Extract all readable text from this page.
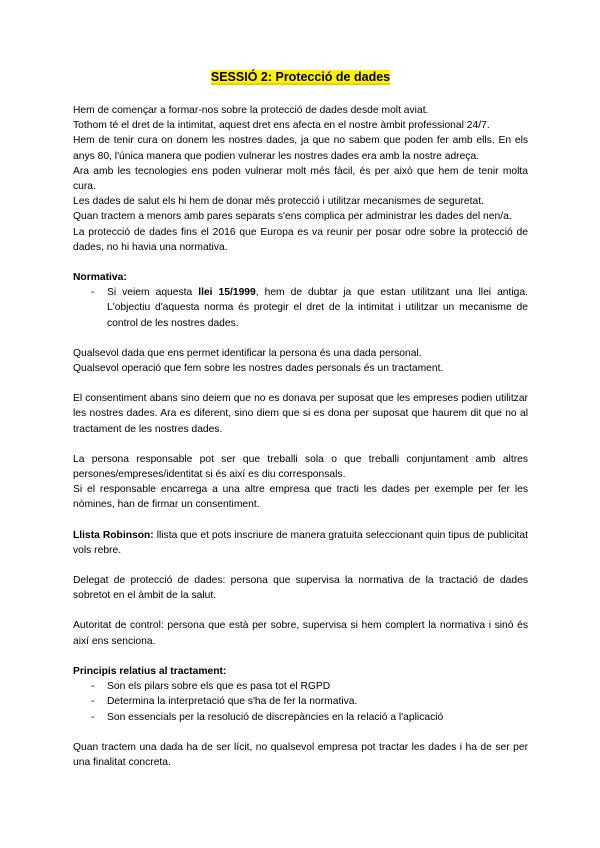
SESSIÓ 2: Protecció de dades

Hem de començar a formar-nos sobre la protecció de dades desde molt aviat.

Tothom té el dret de la intimitat, aquest dret ens afecta en el nostre àmbit professional 24/7.

Hem de tenir cura on donem les nostres dades, ja que no sabem que poden fer amb ells. En els anys 80, l'única manera que podien vulnerar les nostres dades era amb la nostre adreça.

Ara amb les tecnologies ens poden vulnerar molt més fàcil, és per això que hem de tenir molta cura.

Les dades de salut els hi hem de donar més protecció i utilitzar mecanismes de seguretat.

Quan tractem a menors amb pares separats s'ens complica per administrar les dades del nen/a.

La protecció de dades fins el 2016 que Europa es va reunir per posar odre sobre la protecció de dades, no hi havia una normativa.

Normativa:
- Si veiem aquesta llei 15/1999, hem de dubtar ja que estan utilitzant una llei antiga. L'objectiu d'aquesta norma és protegir el dret de la intimitat i utilitzar un mecanisme de control de les nostres dades.

Qualsevol dada que ens permet identificar la persona és una dada personal.

Qualsevol operació que fem sobre les nostres dades personals és un tractament.

El consentiment abans sino deiem que no es donava per suposat que les empreses podien utilitzar les nostres dades. Ara es diferent, sino diem que si es dona per suposat que haurem dit que no al tractament de les nostres dades.

La persona responsable pot ser que treballi sola o que treballi conjuntament amb altres persones/empreses/identitat si és així es diu corresponsals.

Si el responsable encarrega a una altre empresa que tracti les dades per exemple per fer les nòmines, han de firmar un consentiment.

Llista Robinson: llista que et pots inscriure de manera gratuita seleccionant quin tipus de publicitat vols rebre.

Delegat de protecció de dades: persona que supervisa la normativa de la tractació de dades sobretot en el àmbit de la salut.

Autoritat de control: persona que està per sobre, supervisa si hem complert la normativa i sinó és així ens senciona.

Principis relatius al tractament:
- Son els pilars sobre els que es pasa tot el RGPD
- Determina la interpretació que s'ha de fer la normativa.
- Son essencials per la resolució de discrepàncies en la relació a l'aplicació

Quan tractem una dada ha de ser lícit, no qualsevol empresa pot tractar les dades i ha de ser per una finalitat concreta.
